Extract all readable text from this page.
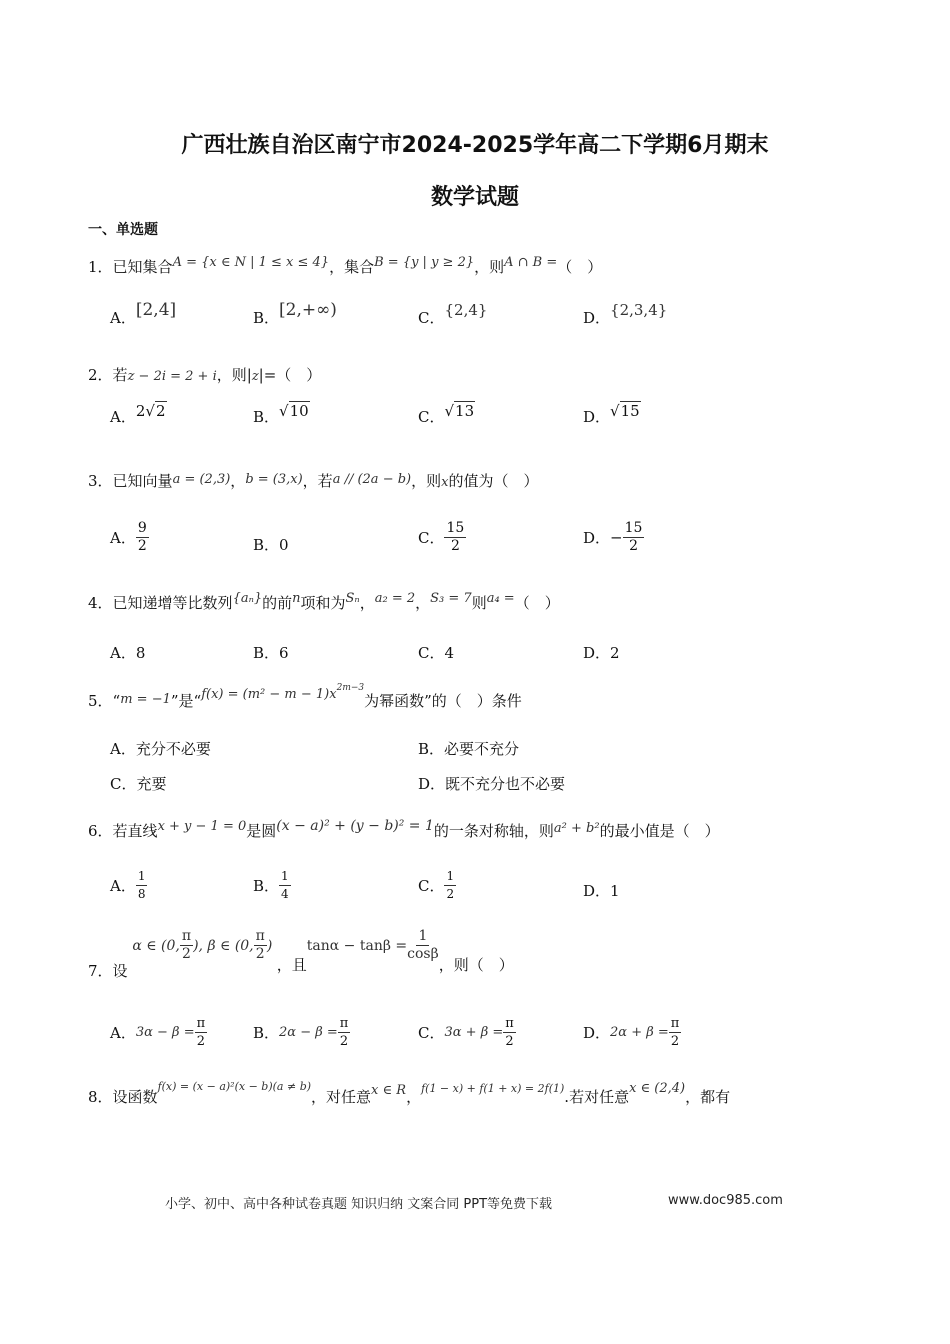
广西壮族自治区南宁市2024-2025学年高二下学期6月期末
数学试题
一、单选题
1．已知集合A = {x ∈ N | 1 ≤ x ≤ 4}，集合B = {y | y ≥ 2}，则A ∩ B =（　）
A．[2,4]	B．[2,+∞)	C．{2,4}	D．{2,3,4}
2．若z − 2i = 2 + i，则|z|=（　）
A．2√2	B．√10	C．√13	D．√15
3．已知向量a = (2,3)，b = (3,x)，若a // (2a − b)，则x的值为（　）
A． $\frac{9}{2}$	B．0	C． $\frac{15}{2}$	D．− $\frac{15}{2}$
4．已知递增等比数列{aₙ}的前n项和为Sₙ，a₂ = 2，S₃ = 7则a₄ =（　）
A．8	B．6	C．4	D．2
5．“m = −1”是“$f(x) = (m^2 - m - 1)x^{2m-3}$为幂函数”的（　）条件
A．充分不必要	B．必要不充分
C．充要	D．既不充分也不必要
6．若直线x + y − 1 = 0是圆(x − a)² + (y − b)² = 1的一条对称轴，则a² + b²的最小值是（　）
A． $\frac{1}{8}$	B． $\frac{1}{4}$	C． $\frac{1}{2}$	D．1
7．设 α ∈ (0, $\frac{\pi}{2}$ ), β ∈ (0, $\frac{\pi}{2}$ ) ，且$\tan\alpha - \tan\beta = \frac{1}{\cos\beta}$
，则（　）
A．$3\alpha - \beta = \frac{\pi}{2}$	B．$2\alpha - \beta = \frac{\pi}{2}$	C．$3\alpha + \beta = \frac{\pi}{2}$	D．$2\alpha + \beta = \frac{\pi}{2}$
8．设函数$^{f(x) = (x - a)^2(x - b)(a \ne b)}$，对任意x ∈ R，$^{f(1 - x) + f(1 + x) = 2f(1)}$.若对任意x ∈ (2,4)，都有
小学、初中、高中各种试卷真题 知识归纳 文案合同 PPT等免费下载	www.doc985.com
